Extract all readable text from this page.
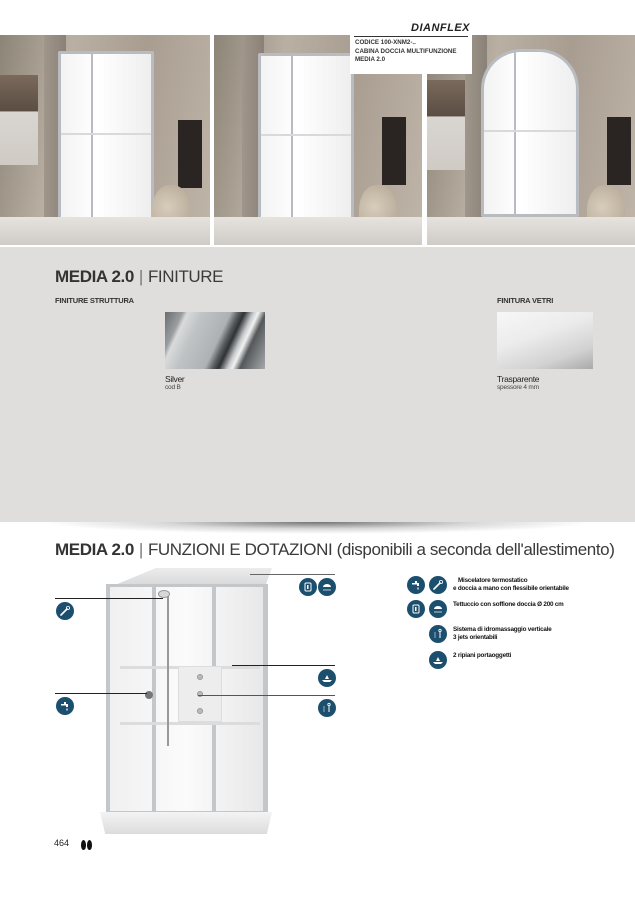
DIANFLEX
CODICE 100-XNM2-..
CABINA DOCCIA MULTIFUNZIONE
MEDIA 2.0
MEDIA 2.0 | FINITURE
FINITURE STRUTTURA	FINITURA VETRI
Silver
cod B
Trasparente
spessore 4 mm
MEDIA 2.0 | FUNZIONI E DOTAZIONI (disponibili a seconda dell'allestimento)
Miscelatore termostatico
e doccia a mano con flessibile orientabile
Tettuccio con soffione doccia Ø 200 cm
Sistema di idromassaggio verticale
3 jets orientabili
2 ripiani portaoggetti
464
